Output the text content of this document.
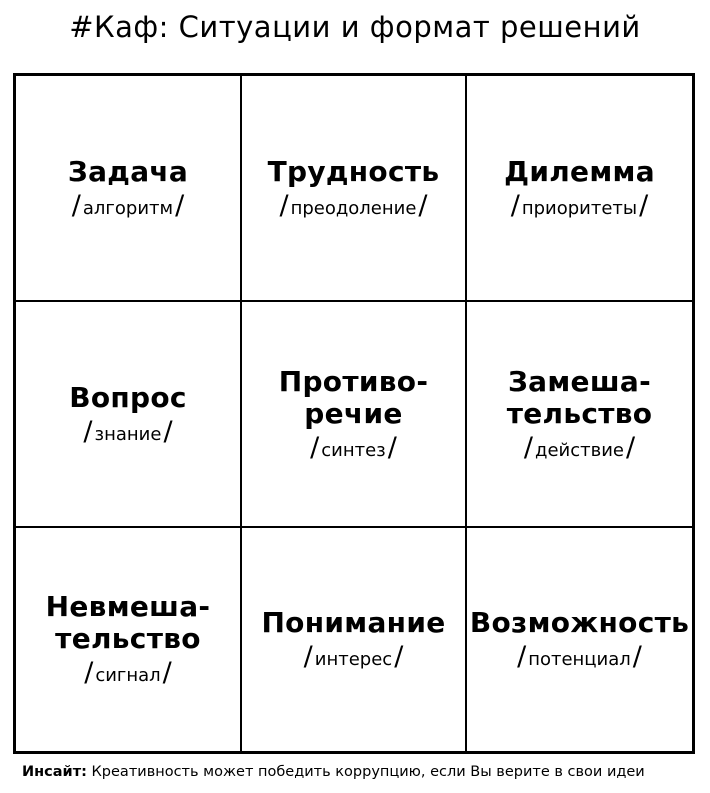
#Каф: Ситуации и формат решений
Задача
/ алгоритм /
Трудность
/ преодоление /
Дилемма
/ приоритеты /
Вопрос
/ знание /
Противо-
речие
/ синтез /
Замеша-
тельство
/ действие /
Невмеша-
тельство
/ сигнал /
Понимание
/ интерес /
Возможность
/ потенциал /
Инсайт: Креативность может победить коррупцию, если Вы верите в свои идеи
